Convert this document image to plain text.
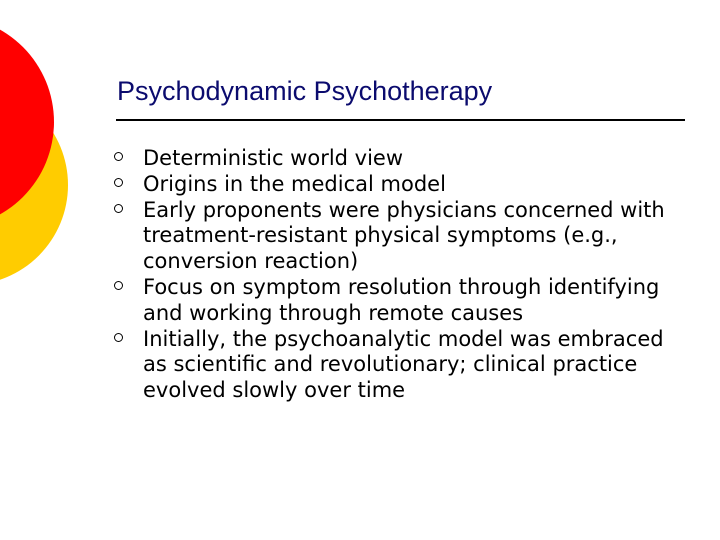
Psychodynamic Psychotherapy
Deterministic world view
Origins in the medical model
Early proponents were physicians concerned with treatment-resistant physical symptoms (e.g., conversion reaction)
Focus on symptom resolution through identifying and working through remote causes
Initially, the psychoanalytic model was embraced as scientific and revolutionary; clinical practice evolved slowly over time
